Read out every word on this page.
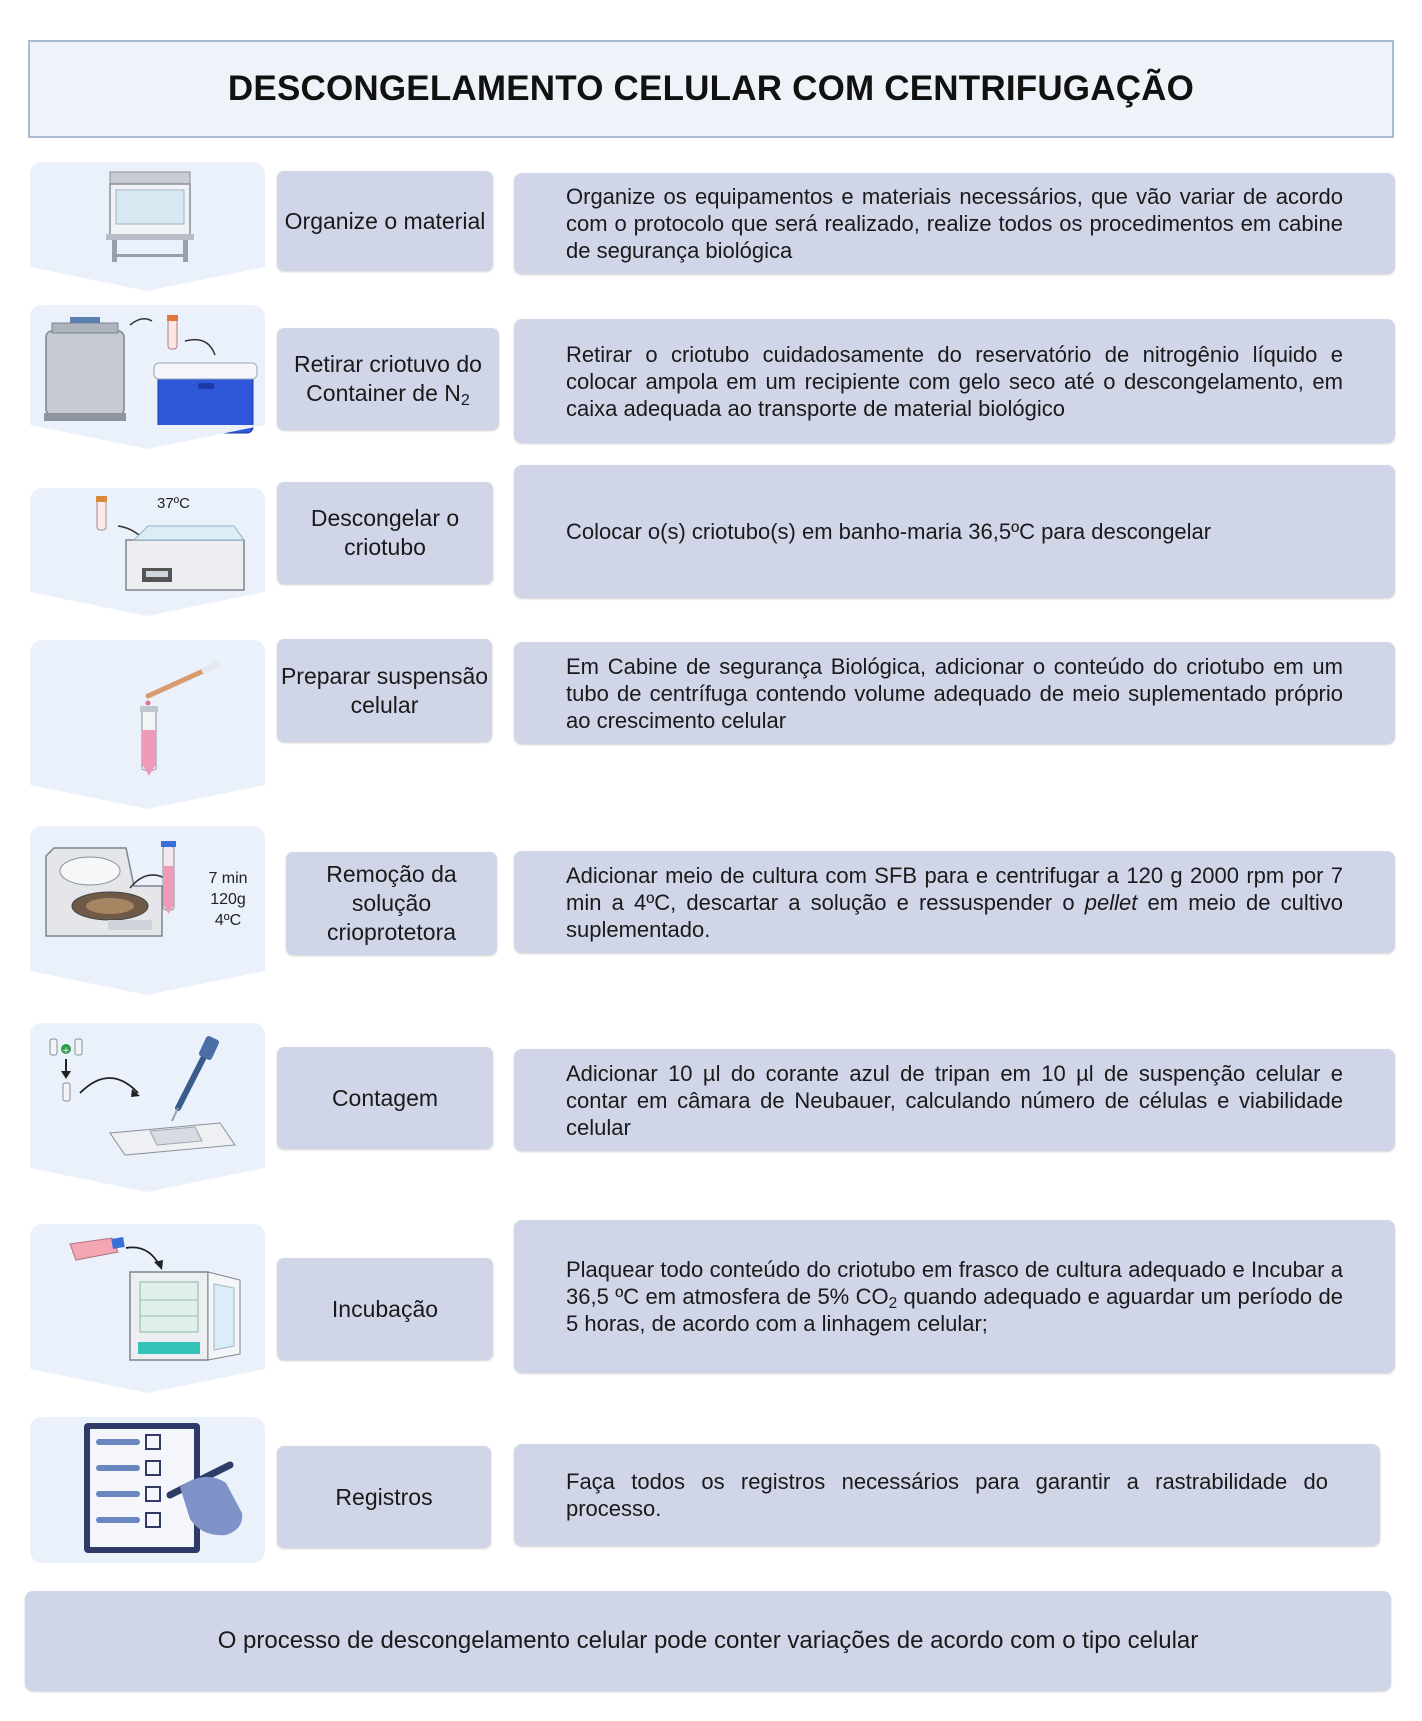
DESCONGELAMENTO CELULAR COM CENTRIFUGAÇÃO
Organize o material
Organize os equipamentos e materiais necessários, que vão variar de acordo com o protocolo que será realizado, realize todos os procedimentos em cabine de segurança biológica
Retirar criotuvo do Container de $N_2$
Retirar o criotubo cuidadosamente do reservatório de nitrogênio líquido e colocar ampola em um recipiente com gelo seco até o descongelamento, em caixa adequada ao transporte de material biológico
37ºC
Descongelar o criotubo
Colocar o(s) criotubo(s) em banho-maria 36,5ºC para descongelar
Preparar suspensão celular
Em Cabine de segurança Biológica, adicionar o conteúdo do criotubo em um tubo de centrífuga contendo volume adequado de meio suplementado próprio ao crescimento celular
7 min
120g
4ºC
Remoção da solução crioprotetora
Adicionar meio de cultura com SFB para e centrifugar a 120 g 2000 rpm por 7 min a 4ºC, descartar a solução e ressuspender o pellet em meio de cultivo suplementado.
+
Contagem
Adicionar 10 µl do corante azul de tripan em 10 µl de suspenção celular e contar em câmara de Neubauer, calculando número de células e viabilidade celular
Incubação
Plaquear todo conteúdo do criotubo em frasco de cultura adequado e Incubar a 36,5 ºC em atmosfera de 5% $CO_2$ quando adequado e aguardar um período de 5 horas, de acordo com a linhagem celular;
Registros
Faça todos os registros necessários para garantir a rastrabilidade do processo.
O processo de descongelamento celular pode conter variações de acordo com o tipo celular
